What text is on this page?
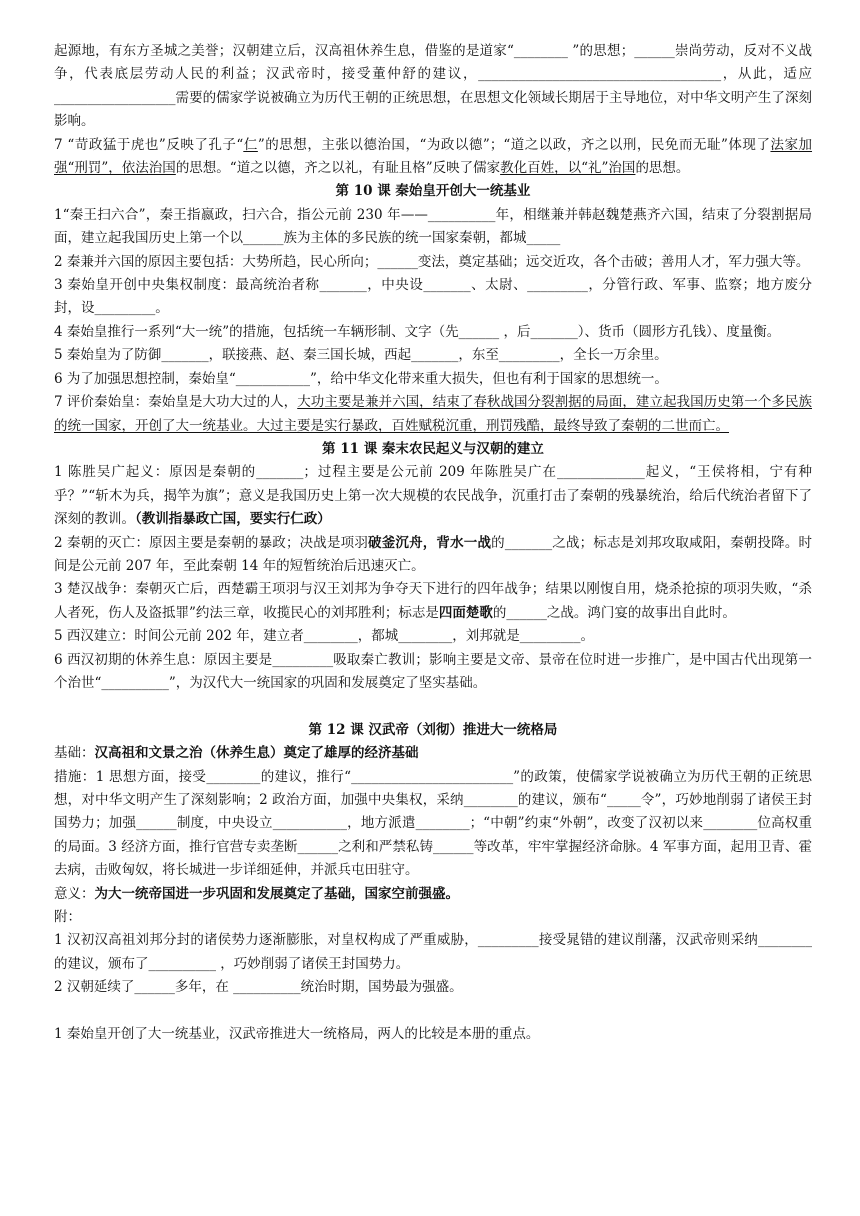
起源地，有东方圣城之美誉；汉朝建立后，汉高祖休养生息，借鉴的是道家“________ ”的思想；______崇尚劳动，反对不义战争，代表底层劳动人民的利益；汉武帝时，接受董仲舒的建议，____________________________________，从此，适应__________________需要的儒家学说被确立为历代王朝的正统思想，在思想文化领域长期居于主导地位，对中华文明产生了深刻影响。

7 “苛政猛于虎也”反映了孔子“仁”的思想，主张以德治国，“为政以德”；“道之以政，齐之以刑，民免而无耻”体现了法家加强“刑罚”，依法治国的思想。“道之以德，齐之以礼，有耻且格”反映了儒家教化百姓，以“礼”治国的思想。

第 10 课 秦始皇开创大一统基业

1“秦王扫六合”，秦王指嬴政，扫六合，指公元前 230 年——__________年，相继兼并韩赵魏楚燕齐六国，结束了分裂割据局面，建立起我国历史上第一个以______族为主体的多民族的统一国家秦朝，都城_____

2 秦兼并六国的原因主要包括：大势所趋，民心所向；______变法，奠定基础；远交近攻，各个击破；善用人才，军力强大等。

3 秦始皇开创中央集权制度：最高统治者称_______，中央设_______、太尉、_________，分管行政、军事、监察；地方废分封，设_________。

4 秦始皇推行一系列“大一统”的措施，包括统一车辆形制、文字（先______ ，后_______）、货币（圆形方孔钱）、度量衡。

5 秦始皇为了防御_______，联接燕、赵、秦三国长城，西起_______，东至_________，全长一万余里。

6 为了加强思想控制，秦始皇“___________”，给中华文化带来重大损失，但也有利于国家的思想统一。

7 评价秦始皇：秦始皇是大功大过的人，大功主要是兼并六国，结束了春秋战国分裂割据的局面，建立起我国历史第一个多民族的统一国家，开创了大一统基业。大过主要是实行暴政，百姓赋税沉重，刑罚残酷，最终导致了秦朝的二世而亡。

第 11 课 秦末农民起义与汉朝的建立

1 陈胜吴广起义：原因是秦朝的_______；过程主要是公元前 209 年陈胜吴广在_____________起义，“王侯将相，宁有种乎？”“斩木为兵，揭竿为旗”；意义是我国历史上第一次大规模的农民战争，沉重打击了秦朝的残暴统治，给后代统治者留下了深刻的教训。（教训指暴政亡国，要实行仁政）

2 秦朝的灭亡：原因主要是秦朝的暴政；决战是项羽破釜沉舟，背水一战的_______之战；标志是刘邦攻取咸阳，秦朝投降。时间是公元前 207 年，至此秦朝 14 年的短暂统治后迅速灭亡。

3 楚汉战争：秦朝灭亡后，西楚霸王项羽与汉王刘邦为争夺天下进行的四年战争；结果以刚愎自用，烧杀抢掠的项羽失败，“杀人者死，伤人及盗抵罪”约法三章，收揽民心的刘邦胜利；标志是四面楚歌的______之战。鸿门宴的故事出自此时。

5 西汉建立：时间公元前 202 年，建立者________，都城________，刘邦就是_________。

6 西汉初期的休养生息：原因主要是_________吸取秦亡教训；影响主要是文帝、景帝在位时进一步推广，是中国古代出现第一个治世“__________”，为汉代大一统国家的巩固和发展奠定了坚实基础。

第 12 课 汉武帝（刘彻）推进大一统格局

基础：汉高祖和文景之治（休养生息）奠定了雄厚的经济基础

措施：1 思想方面，接受________的建议，推行“________________________”的政策，使儒家学说被确立为历代王朝的正统思想，对中华文明产生了深刻影响；2 政治方面，加强中央集权，采纳________的建议，颁布“_____令”，巧妙地削弱了诸侯王封国势力；加强______制度，中央设立___________，地方派遣________；“中朝”约束“外朝”，改变了汉初以来________位高权重的局面。3 经济方面，推行官营专卖垄断______之利和严禁私铸______等改革，牢牢掌握经济命脉。4 军事方面，起用卫青、霍去病，击败匈奴，将长城进一步详细延伸，并派兵屯田驻守。

意义：为大一统帝国进一步巩固和发展奠定了基础，国家空前强盛。

附：

1 汉初汉高祖刘邦分封的诸侯势力逐渐膨胀，对皇权构成了严重威胁，_________接受晁错的建议削藩，汉武帝则采纳________的建议，颁布了__________ ，巧妙削弱了诸侯王封国势力。

2 汉朝延续了______多年，在 __________统治时期，国势最为强盛。

1 秦始皇开创了大一统基业，汉武帝推进大一统格局，两人的比较是本册的重点。
